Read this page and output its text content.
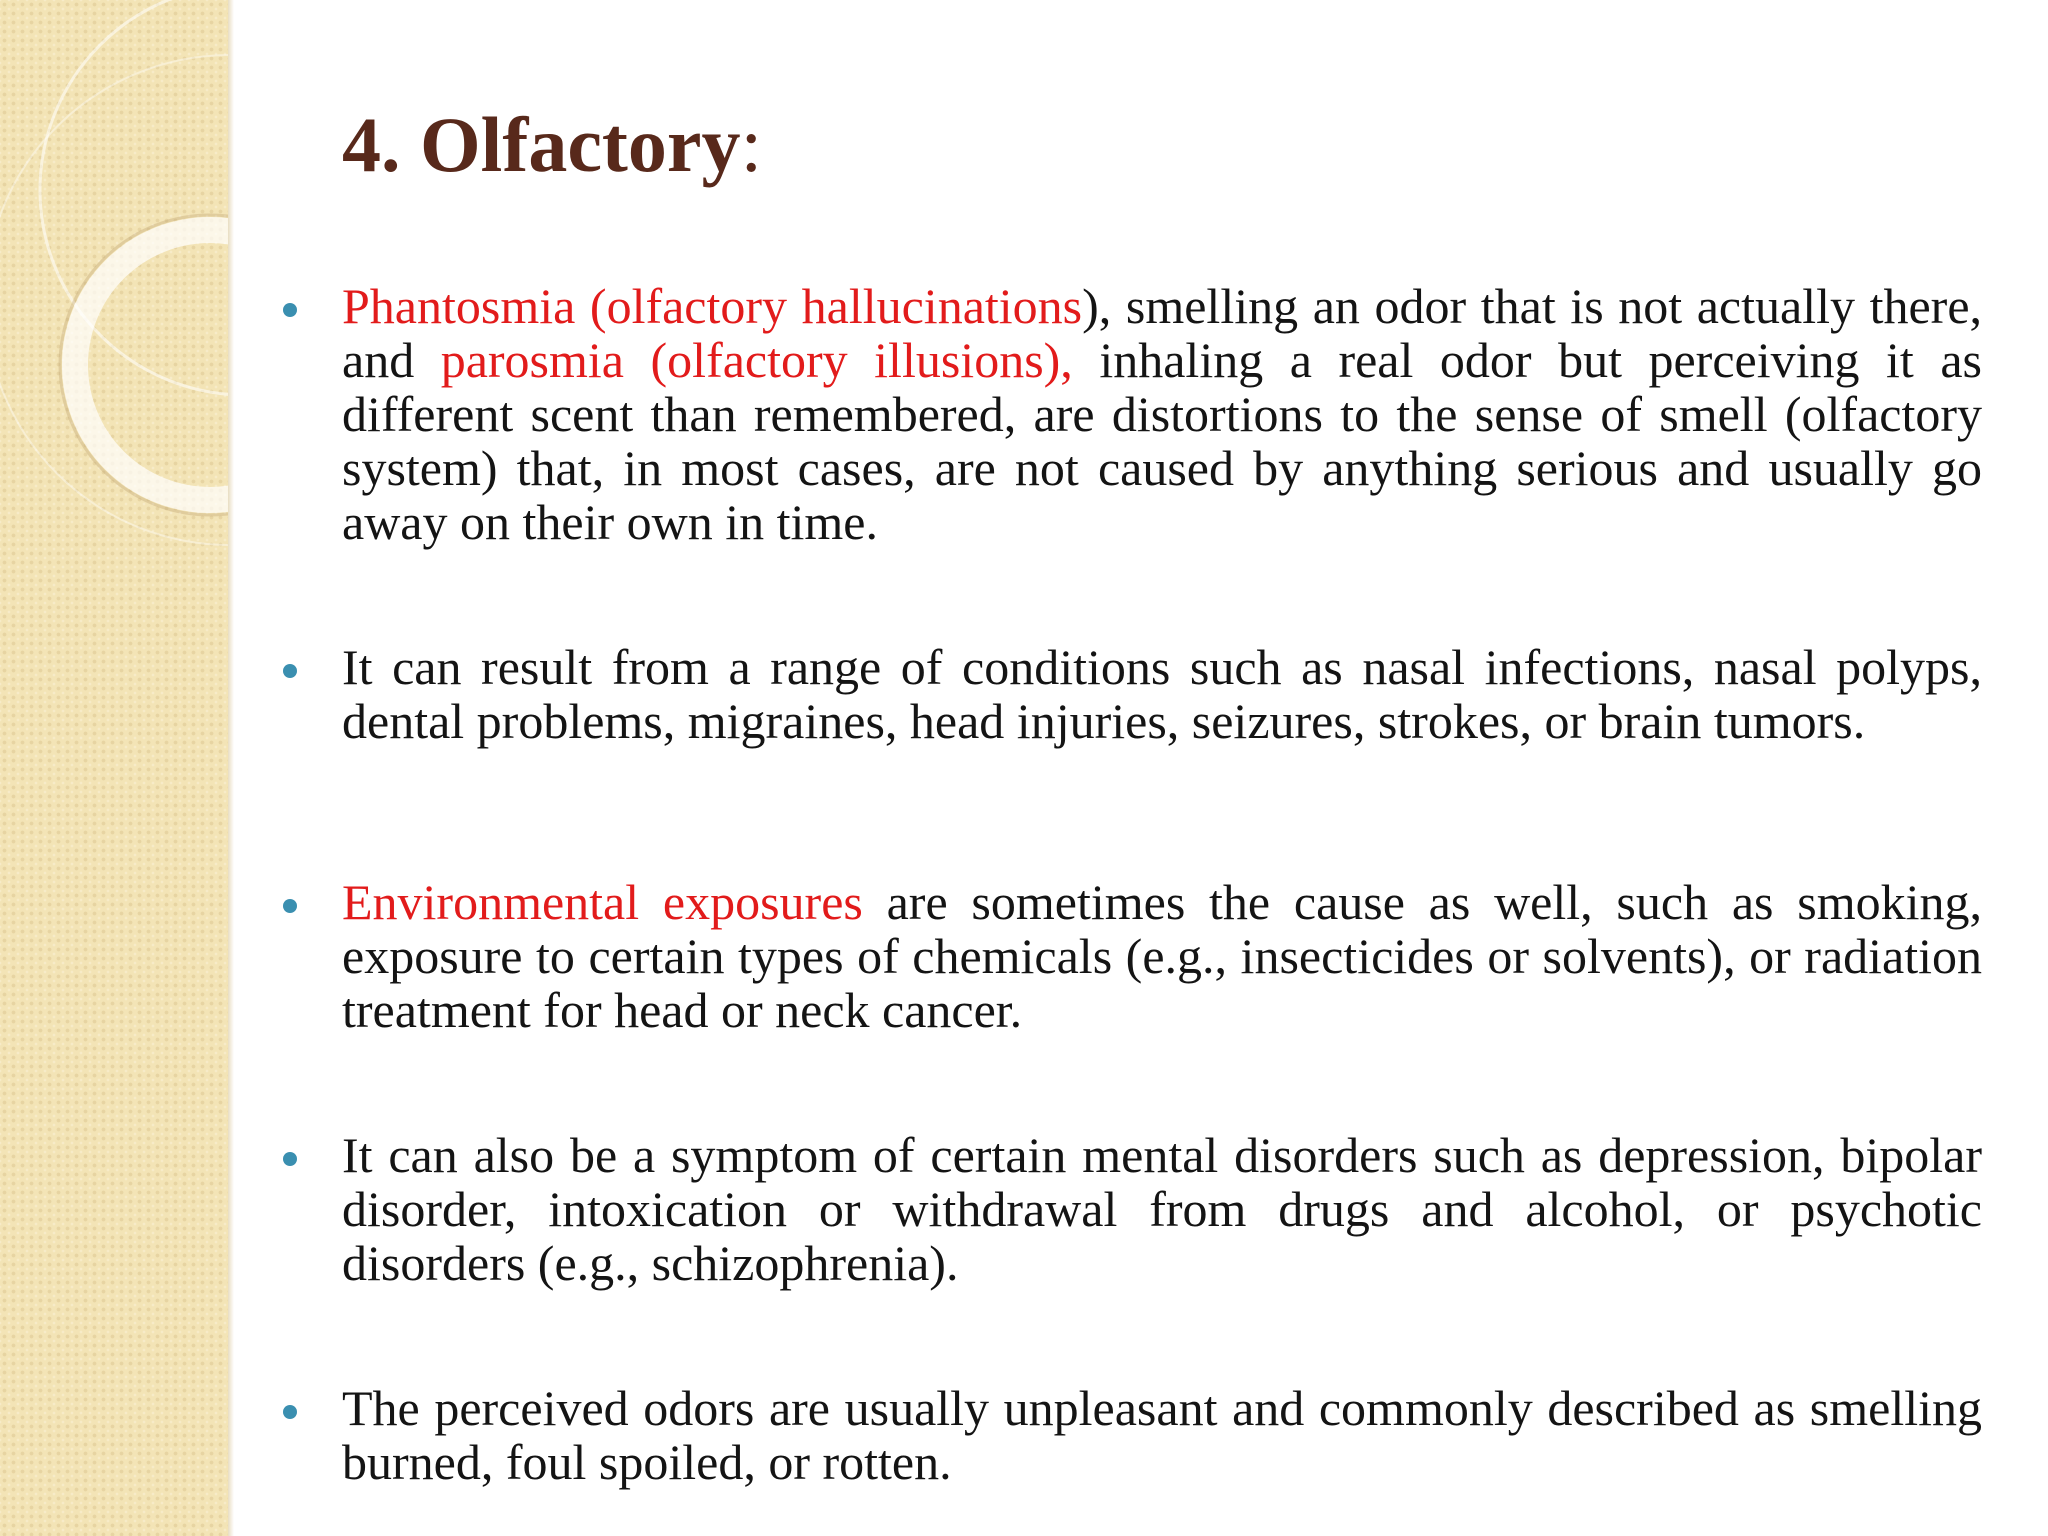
4. Olfactory:
Phantosmia (olfactory hallucinations), smelling an odor that is not actually there, and parosmia (olfactory illusions), inhaling a real odor but perceiving it as different scent than remembered, are distortions to the sense of smell (olfactory system) that, in most cases, are not caused by anything serious and usually go away on their own in time.
It can result from a range of conditions such as nasal infections, nasal polyps, dental problems, migraines, head injuries, seizures, strokes, or brain tumors.
Environmental exposures are sometimes the cause as well, such as smoking, exposure to certain types of chemicals (e.g., insecticides or solvents), or radiation treatment for head or neck cancer.
It can also be a symptom of certain mental disorders such as depression, bipolar disorder, intoxication or withdrawal from drugs and alcohol, or psychotic disorders (e.g., schizophrenia).
The perceived odors are usually unpleasant and commonly described as smelling burned, foul spoiled, or rotten.
